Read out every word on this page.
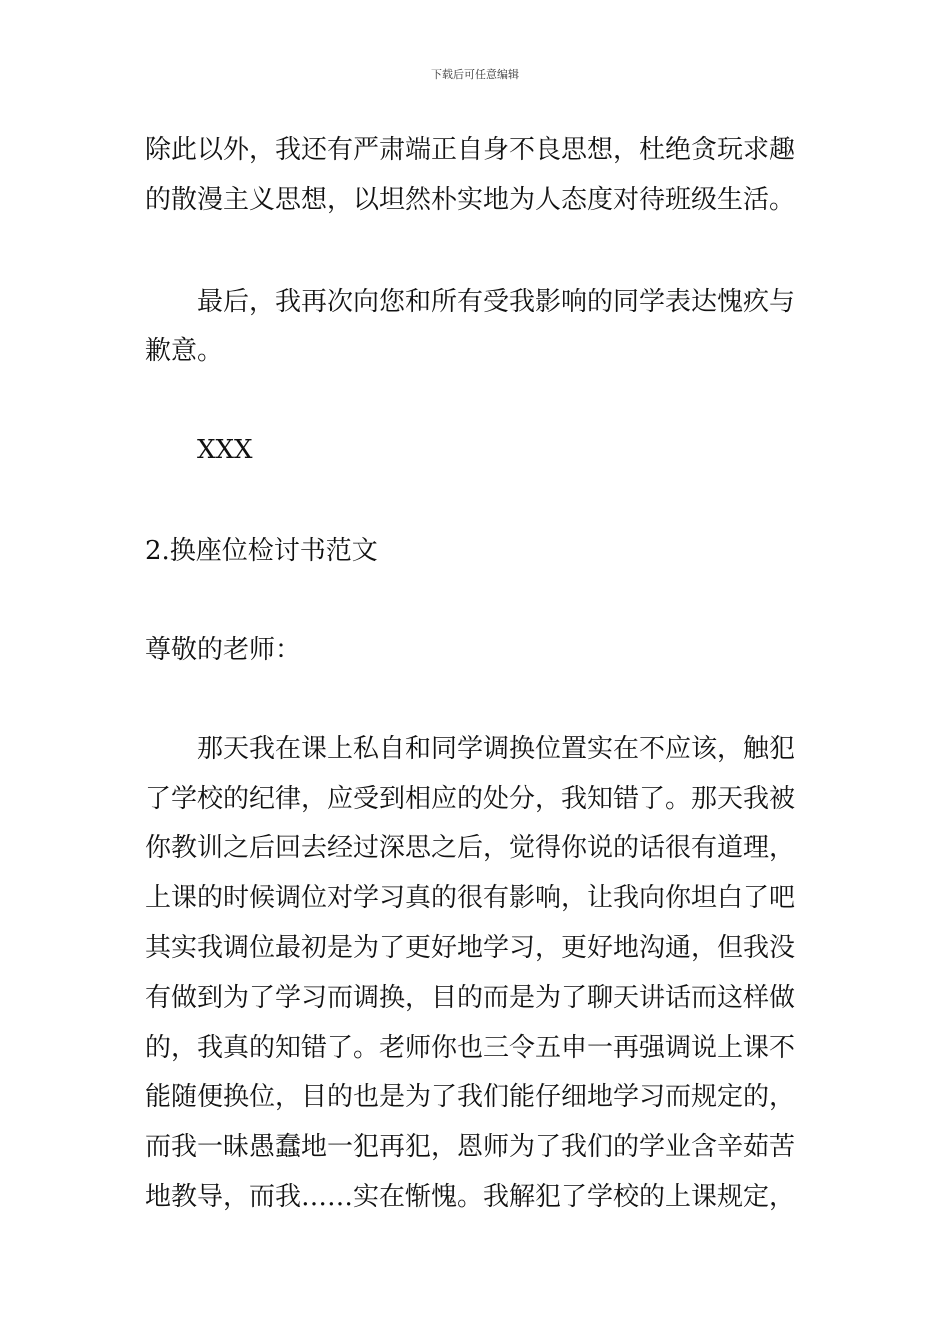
下载后可任意编辑
除此以外，我还有严肃端正自身不良思想，杜绝贪玩求趣
的散漫主义思想，以坦然朴实地为人态度对待班级生活。
最后，我再次向您和所有受我影响的同学表达愧疚与
歉意。
XXX
2.换座位检讨书范文
尊敬的老师：
那天我在课上私自和同学调换位置实在不应该，触犯
了学校的纪律，应受到相应的处分，我知错了。那天我被
你教训之后回去经过深思之后，觉得你说的话很有道理，
上课的时候调位对学习真的很有影响，让我向你坦白了吧
其实我调位最初是为了更好地学习，更好地沟通，但我没
有做到为了学习而调换，目的而是为了聊天讲话而这样做
的，我真的知错了。老师你也三令五申一再强调说上课不
能随便换位，目的也是为了我们能仔细地学习而规定的，
而我一昧愚蠢地一犯再犯，恩师为了我们的学业含辛茹苦
地教导，而我……实在惭愧。我解犯了学校的上课规定，
